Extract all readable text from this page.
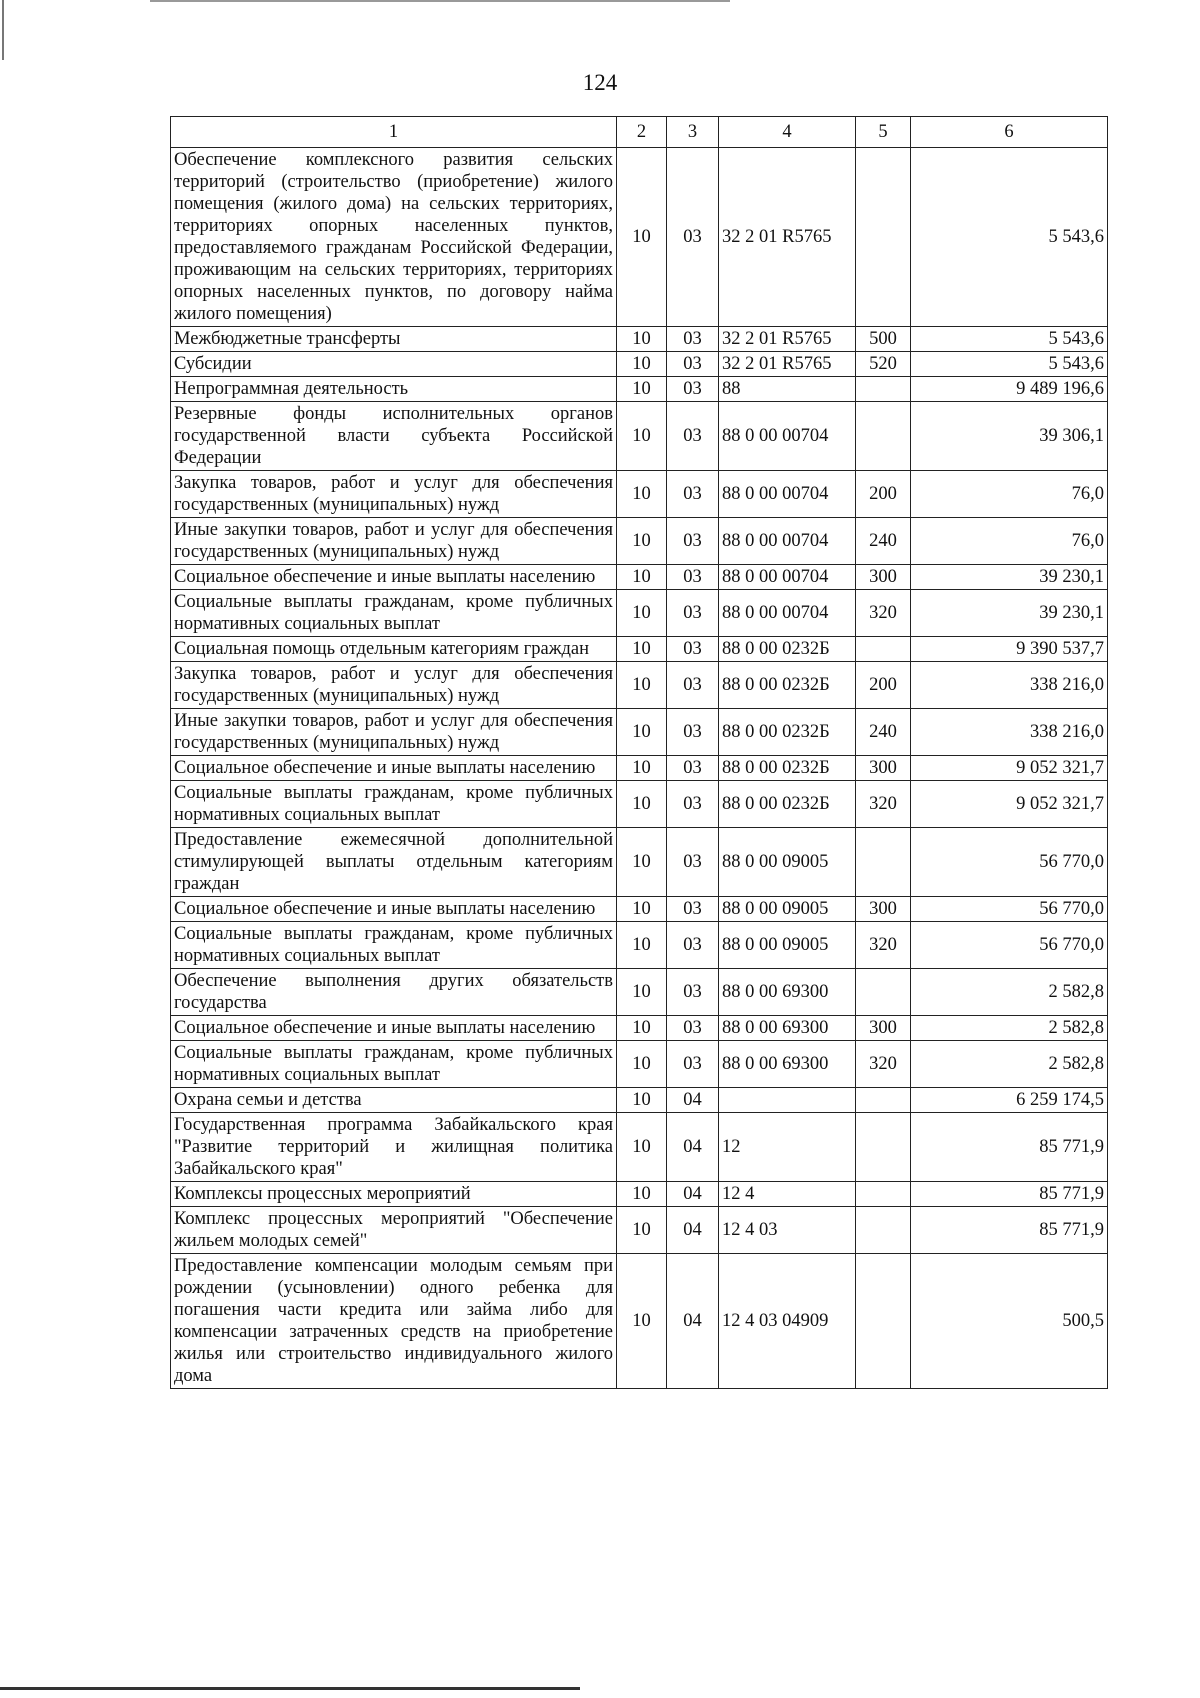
124
1	2	3	4	5	6
Обеспечение комплексного развития сельских территорий (строительство (приобретение) жилого помещения (жилого дома) на сельских территориях, территориях опорных населенных пунктов, предоставляемого гражданам Российской Федерации, проживающим на сельских территориях, территориях опорных населенных пунктов, по договору найма жилого помещения)	10	03	32 2 01 R5765		5 543,6
Межбюджетные трансферты	10	03	32 2 01 R5765	500	5 543,6
Субсидии	10	03	32 2 01 R5765	520	5 543,6
Непрограммная деятельность	10	03	88		9 489 196,6
Резервные фонды исполнительных органов государственной власти субъекта Российской Федерации	10	03	88 0 00 00704		39 306,1
Закупка товаров, работ и услуг для обеспечения государственных (муниципальных) нужд	10	03	88 0 00 00704	200	76,0
Иные закупки товаров, работ и услуг для обеспечения государственных (муниципальных) нужд	10	03	88 0 00 00704	240	76,0
Социальное обеспечение и иные выплаты населению	10	03	88 0 00 00704	300	39 230,1
Социальные выплаты гражданам, кроме публичных нормативных социальных выплат	10	03	88 0 00 00704	320	39 230,1
Социальная помощь отдельным категориям граждан	10	03	88 0 00 0232Б		9 390 537,7
Закупка товаров, работ и услуг для обеспечения государственных (муниципальных) нужд	10	03	88 0 00 0232Б	200	338 216,0
Иные закупки товаров, работ и услуг для обеспечения государственных (муниципальных) нужд	10	03	88 0 00 0232Б	240	338 216,0
Социальное обеспечение и иные выплаты населению	10	03	88 0 00 0232Б	300	9 052 321,7
Социальные выплаты гражданам, кроме публичных нормативных социальных выплат	10	03	88 0 00 0232Б	320	9 052 321,7
Предоставление ежемесячной дополнительной стимулирующей выплаты отдельным категориям граждан	10	03	88 0 00 09005		56 770,0
Социальное обеспечение и иные выплаты населению	10	03	88 0 00 09005	300	56 770,0
Социальные выплаты гражданам, кроме публичных нормативных социальных выплат	10	03	88 0 00 09005	320	56 770,0
Обеспечение выполнения других обязательств государства	10	03	88 0 00 69300		2 582,8
Социальное обеспечение и иные выплаты населению	10	03	88 0 00 69300	300	2 582,8
Социальные выплаты гражданам, кроме публичных нормативных социальных выплат	10	03	88 0 00 69300	320	2 582,8
Охрана семьи и детства	10	04			6 259 174,5
Государственная программа Забайкальского края "Развитие территорий и жилищная политика Забайкальского края"	10	04	12		85 771,9
Комплексы процессных мероприятий	10	04	12 4		85 771,9
Комплекс процессных мероприятий "Обеспечение жильем молодых семей"	10	04	12 4 03		85 771,9
Предоставление компенсации молодым семьям при рождении (усыновлении) одного ребенка для погашения части кредита или займа либо для компенсации затраченных средств на приобретение жилья или строительство индивидуального жилого дома	10	04	12 4 03 04909		500,5
